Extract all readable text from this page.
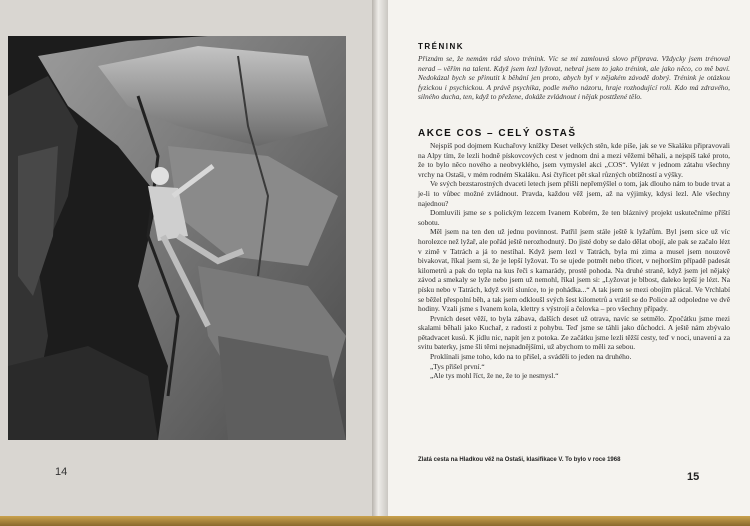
14
TRÉNINK
Přiznám se, že nemám rád slovo trénink. Víc se mi zamlouvá slovo příprava. Vždycky jsem trénoval nerad – věřím na talent. Když jsem lezl lyžovat, nebral jsem to jako trénink, ale jako něco, co mě baví. Nedokázal bych se přinutit k běhání jen proto, abych byl v nějakém závodě dobrý. Trénink je otázkou fyzickou i psychickou. A právě psychika, podle mého názoru, hraje rozhodující roli. Kdo má zdravého, silného ducha, ten, když to přežene, dokáže zvládnout i nějak posttžené tělo.
AKCE COS – CELÝ OSTAŠ

Nejspíš pod dojmem Kuchařovy knížky Deset velkých stěn, kde píše, jak se ve Skaláku připravovali na Alpy tím, že lezli hodně pískovcových cest v jednom dni a mezi věžemi běhali, a nejspíš také proto, že to bylo něco nového a neobvyklého, jsem vymyslel akci „COS“. Vylézt v jednom zátahu všechny vrchy na Ostaši, v mém rodném Skaláku. Asi čtyřicet pět skal různých obtížností a výšky.

Ve svých bezstarostných dvaceti letech jsem přišli nepřemýšlel o tom, jak dlouho nám to bude trvat a je-li to vůbec možné zvládnout. Pravda, každou věž jsem, až na výjimky, kdysi lezl. Ale všechny najednou?

Domluvili jsme se s polickým lezcem Ivanem Kobrém, že ten bláznivý projekt uskutečníme příští sobotu.

Měl jsem na ten den už jednu povinnost. Patřil jsem stále ještě k lyžařům. Byl jsem sice už víc horolezce než lyžař, ale pořád ještě nerozhodnutý. Do jisté doby se dalo dělat obojí, ale pak se začalo lézt v zimě v Tatrách a já to nestíhal. Když jsem lezl v Tatrách, byla mi zima a musel jsem nouzově bivakovat, říkal jsem si, že je lepší lyžovat. To se ujede potmět nebo třicet, v nejhorším případě padesát kilometrů a pak do tepla na kus řeči s kamarády, prostě pohoda. Na druhé straně, když jsem jel nějaký závod a smekaly se lyže nebo jsem už nemohl, říkal jsem si: „Lyžovat je blbost, daleko lepší je lézt. Na písku nebo v Tatrách, když svítí sluníce, to je pohádka...“ A tak jsem se mezi obojím plácal. Ve Vrchlabí se běžel přespolní běh, a tak jsem odkloušl svých šest kilometrů a vrátil se do Police až odpoledne ve dvě hodiny. Vzali jsme s Ivanem kola, klettry s výstrojí a čelovka – pro všechny případy.

Prvních deset věží, to byla zábava, dalších deset už otrava, navíc se setmělo. Zpočátku jsme mezi skalami běhali jako Kuchař, z radosti z pohybu. Teď jsme se táhli jako důchodci. A ještě nám zbývalo pětadvacet kusů. K jídlu nic, napít jen z potoka. Ze začátku jsme lezli těžší cesty, teď v noci, unavení a za svitu baterky, jsme šli těmi nejsnadnějšími, už abychom to měli za sebou.

Proklínali jsme toho, kdo na to přišel, a sváděli to jeden na druhého.

„Tys přišel první.“

„Ale tys mohl říct, že ne, že to je nesmysl.“

Zlatá cesta na Hladkou věž na Ostaši, klasifikace V. To bylo v roce 1968
15
